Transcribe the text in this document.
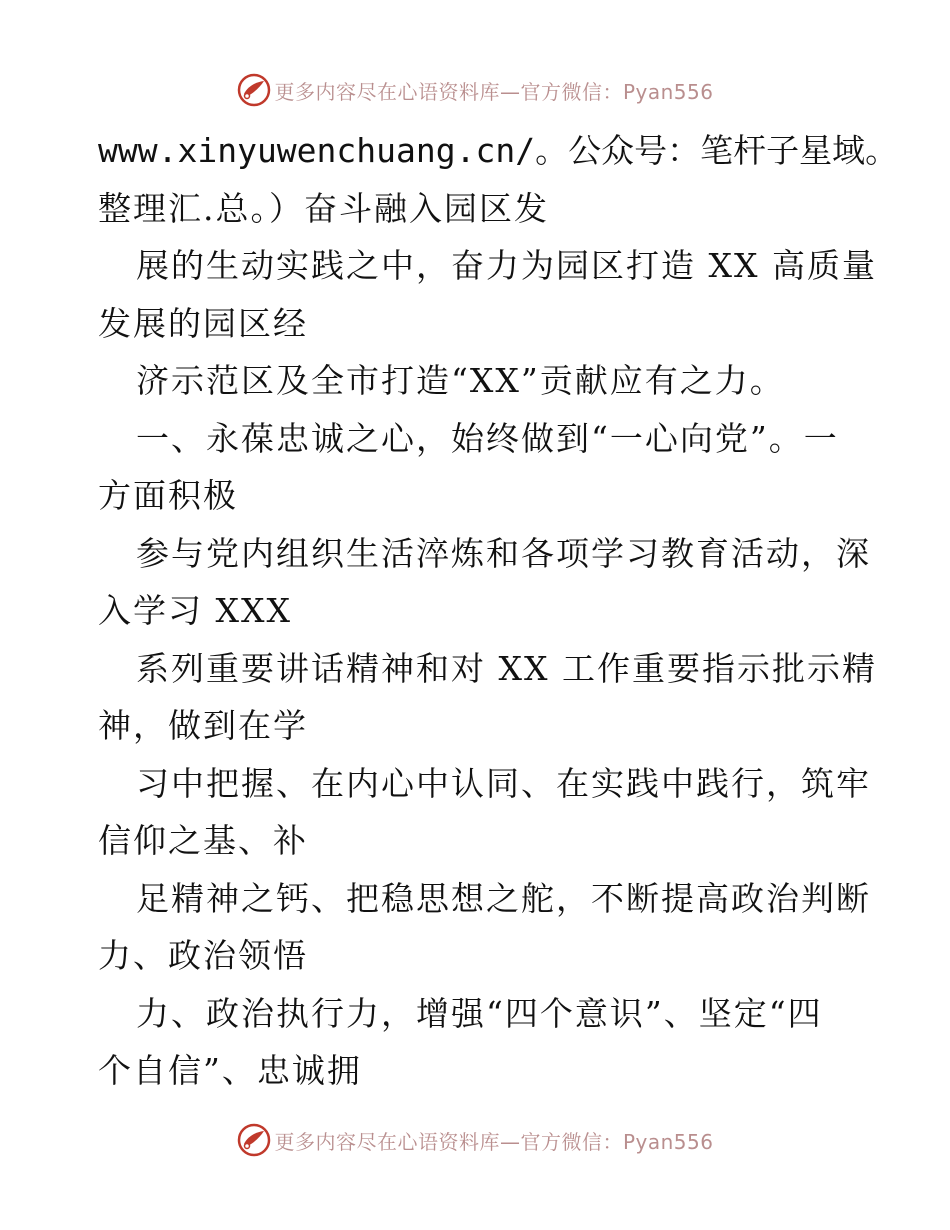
更多内容尽在心语资料库—官方微信：Pyan556
www.xinyuwenchuang.cn/。公众号：笔杆子星域。
整理汇.总。）奋斗融入园区发
展的生动实践之中，奋力为园区打造 XX 高质量
发展的园区经
济示范区及全市打造“XX”贡献应有之力。
一、永葆忠诚之心，始终做到“一心向党”。一
方面积极
参与党内组织生活淬炼和各项学习教育活动，深
入学习 XXX
系列重要讲话精神和对 XX 工作重要指示批示精
神，做到在学
习中把握、在内心中认同、在实践中践行，筑牢
信仰之基、补
足精神之钙、把稳思想之舵，不断提高政治判断
力、政治领悟
力、政治执行力，增强“四个意识”、坚定“四
个自信”、忠诚拥
更多内容尽在心语资料库—官方微信：Pyan556
